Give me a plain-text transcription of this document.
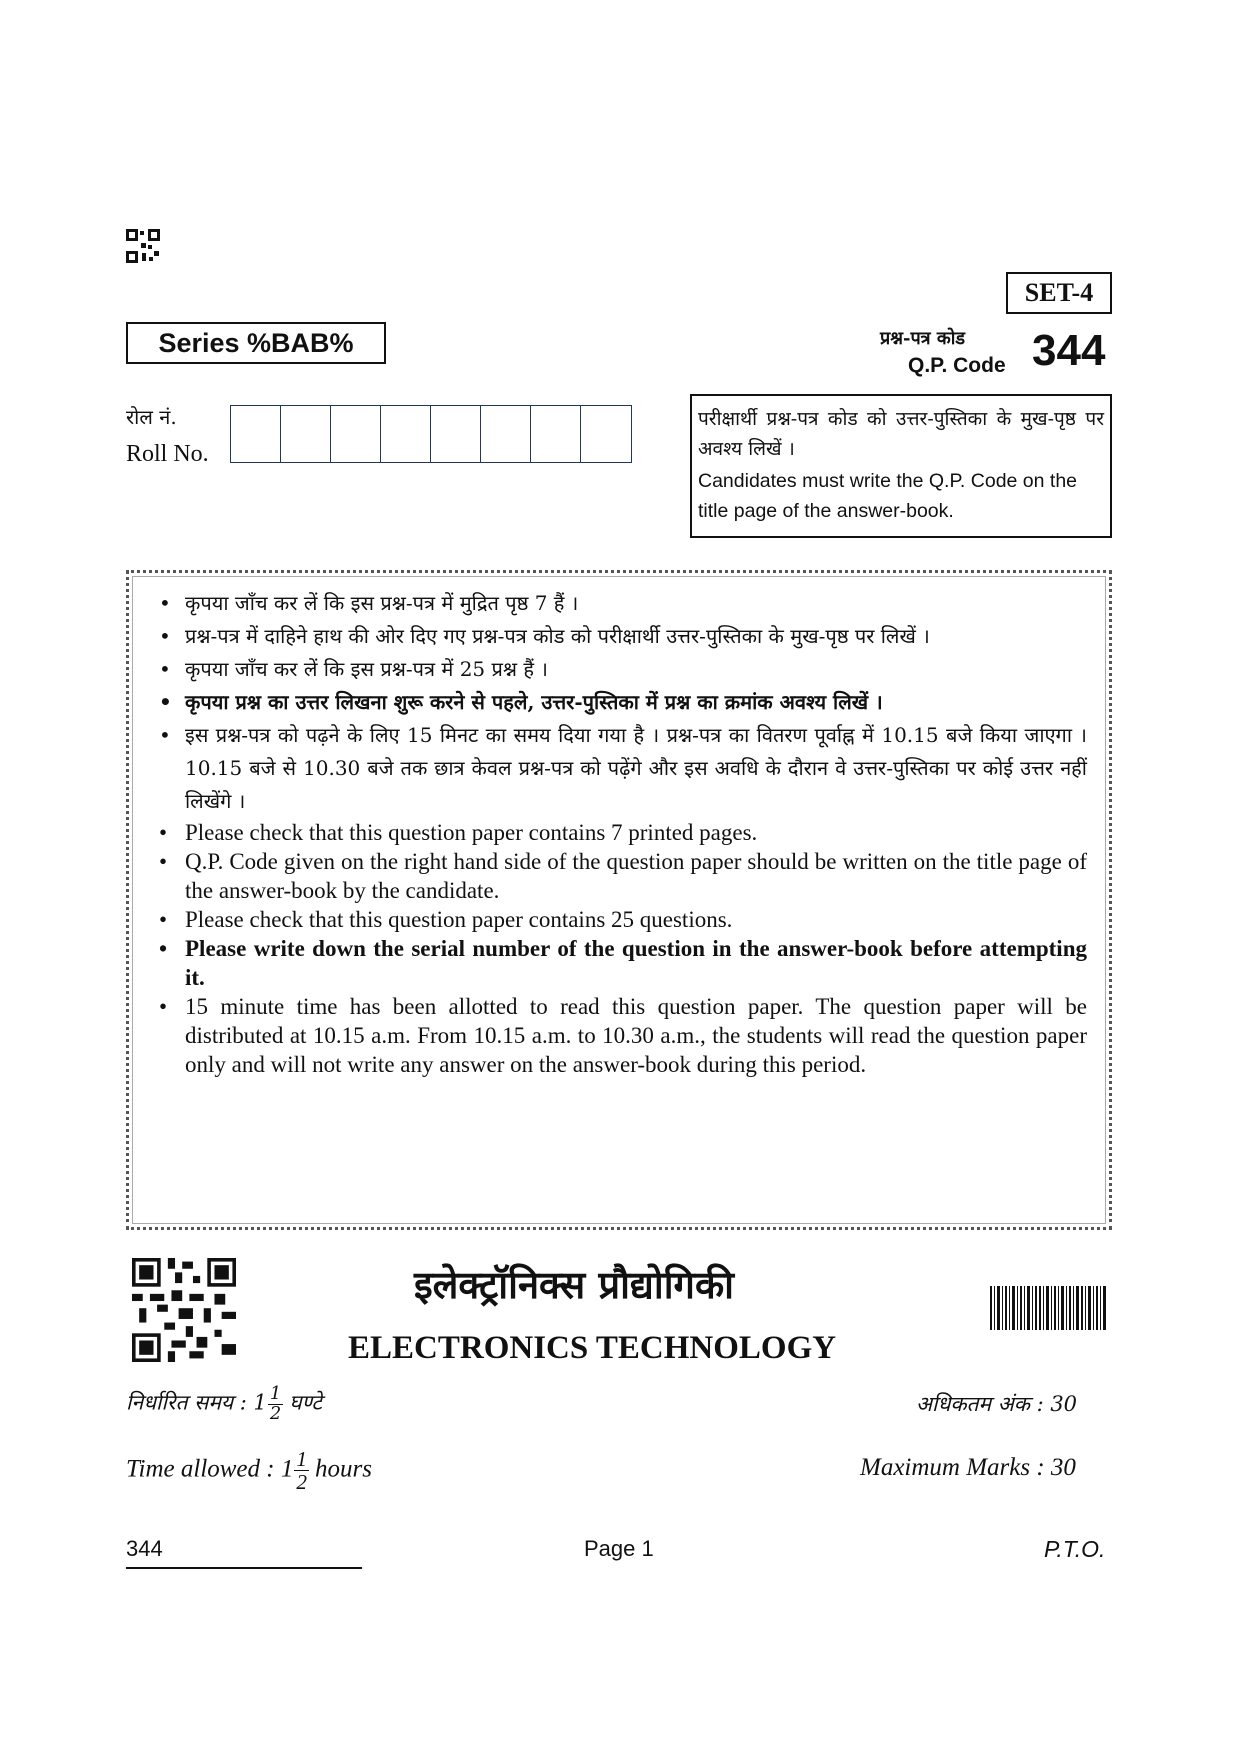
SET-4
Series %BAB%	प्रश्न-पत्र कोड
Q.P. Code 344
रोल नं.
Roll No.
परीक्षार्थी प्रश्न-पत्र कोड को उत्तर-पुस्तिका के मुख-पृष्ठ पर अवश्य लिखें ।
Candidates must write the Q.P. Code on the title page of the answer-book.
• कृपया जाँच कर लें कि इस प्रश्न-पत्र में मुद्रित पृष्ठ 7 हैं ।
• प्रश्न-पत्र में दाहिने हाथ की ओर दिए गए प्रश्न-पत्र कोड को परीक्षार्थी उत्तर-पुस्तिका के मुख-पृष्ठ पर लिखें ।
• कृपया जाँच कर लें कि इस प्रश्न-पत्र में 25 प्रश्न हैं ।
• कृपया प्रश्न का उत्तर लिखना शुरू करने से पहले, उत्तर-पुस्तिका में प्रश्न का क्रमांक अवश्य लिखें ।
• इस प्रश्न-पत्र को पढ़ने के लिए 15 मिनट का समय दिया गया है । प्रश्न-पत्र का वितरण पूर्वाह्न में 10.15 बजे किया जाएगा । 10.15 बजे से 10.30 बजे तक छात्र केवल प्रश्न-पत्र को पढ़ेंगे और इस अवधि के दौरान वे उत्तर-पुस्तिका पर कोई उत्तर नहीं लिखेंगे ।
• Please check that this question paper contains 7 printed pages.
• Q.P. Code given on the right hand side of the question paper should be written on the title page of the answer-book by the candidate.
• Please check that this question paper contains 25 questions.
• Please write down the serial number of the question in the answer-book before attempting it.
• 15 minute time has been allotted to read this question paper. The question paper will be distributed at 10.15 a.m. From 10.15 a.m. to 10.30 a.m., the students will read the question paper only and will not write any answer on the answer-book during this period.
इलेक्ट्रॉनिक्स प्रौद्योगिकी
ELECTRONICS TECHNOLOGY
निर्धारित समय : $1 \frac{1}{2}$ घण्टे	अधिकतम अंक : 30
Time allowed : $1 \frac{1}{2}$ hours	Maximum Marks : 30
344	Page 1	P.T.O.
